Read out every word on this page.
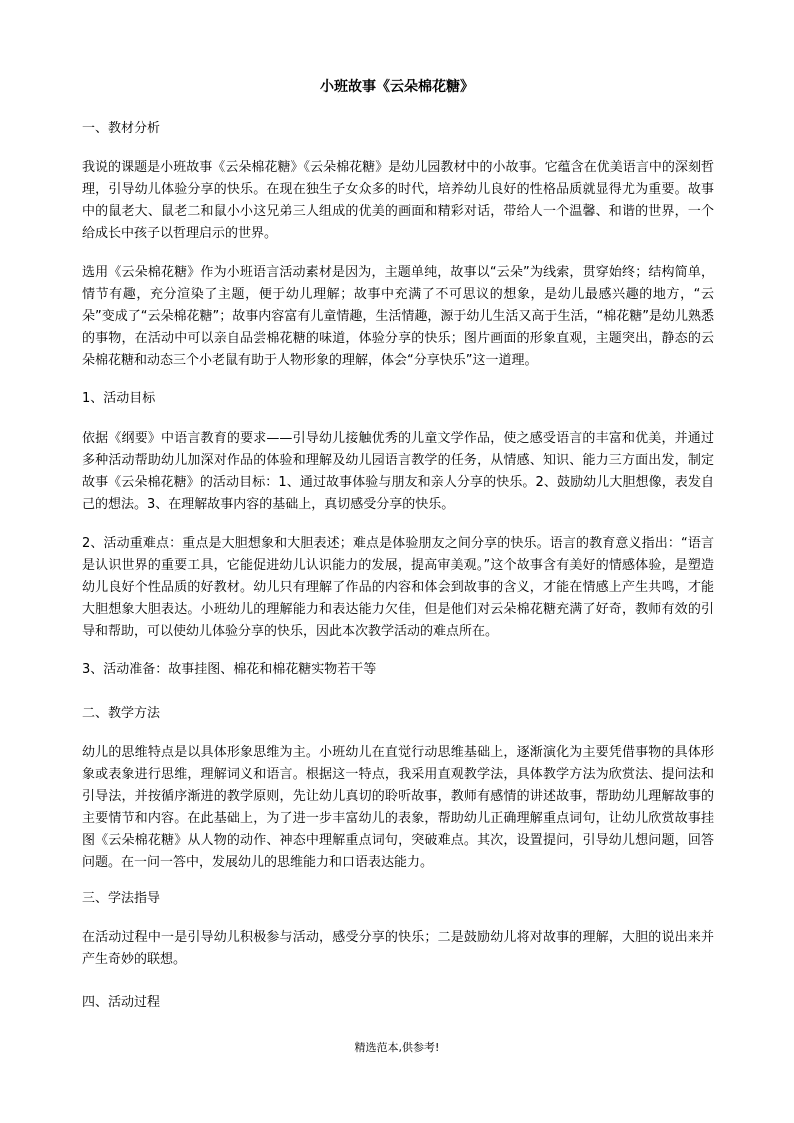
小班故事《云朵棉花糖》
一、教材分析

我说的课题是小班故事《云朵棉花糖》《云朵棉花糖》是幼儿园教材中的小故事。它蕴含在优美语言中的深刻哲理，引导幼儿体验分享的快乐。在现在独生子女众多的时代，培养幼儿良好的性格品质就显得尤为重要。故事中的鼠老大、鼠老二和鼠小小这兄弟三人组成的优美的画面和精彩对话，带给人一个温馨、和谐的世界，一个给成长中孩子以哲理启示的世界。

选用《云朵棉花糖》作为小班语言活动素材是因为，主题单纯，故事以“云朵”为线索，贯穿始终；结构简单，情节有趣，充分渲染了主题，便于幼儿理解；故事中充满了不可思议的想象，是幼儿最感兴趣的地方，“云朵”变成了“云朵棉花糖”；故事内容富有儿童情趣，生活情趣，源于幼儿生活又高于生活，“棉花糖”是幼儿熟悉的事物，在活动中可以亲自品尝棉花糖的味道，体验分享的快乐；图片画面的形象直观，主题突出，静态的云朵棉花糖和动态三个小老鼠有助于人物形象的理解，体会“分享快乐”这一道理。

1、活动目标

依据《纲要》中语言教育的要求——引导幼儿接触优秀的儿童文学作品，使之感受语言的丰富和优美，并通过多种活动帮助幼儿加深对作品的体验和理解及幼儿园语言教学的任务，从情感、知识、能力三方面出发，制定故事《云朵棉花糖》的活动目标：1、通过故事体验与朋友和亲人分享的快乐。2、鼓励幼儿大胆想像，表发自己的想法。3、在理解故事内容的基础上，真切感受分享的快乐。

2、活动重难点：重点是大胆想象和大胆表述；难点是体验朋友之间分享的快乐。语言的教育意义指出：“语言是认识世界的重要工具，它能促进幼儿认识能力的发展，提高审美观。”这个故事含有美好的情感体验，是塑造幼儿良好个性品质的好教材。幼儿只有理解了作品的内容和体会到故事的含义，才能在情感上产生共鸣，才能大胆想象大胆表达。小班幼儿的理解能力和表达能力欠佳，但是他们对云朵棉花糖充满了好奇，教师有效的引导和帮助，可以使幼儿体验分享的快乐，因此本次教学活动的难点所在。

3、活动准备：故事挂图、棉花和棉花糖实物若干等
二、教学方法

幼儿的思维特点是以具体形象思维为主。小班幼儿在直觉行动思维基础上，逐渐演化为主要凭借事物的具体形象或表象进行思维，理解词义和语言。根据这一特点，我采用直观教学法，具体教学方法为欣赏法、提问法和引导法，并按循序渐进的教学原则，先让幼儿真切的聆听故事，教师有感情的讲述故事，帮助幼儿理解故事的主要情节和内容。在此基础上，为了进一步丰富幼儿的表象，帮助幼儿正确理解重点词句，让幼儿欣赏故事挂图《云朵棉花糖》从人物的动作、神态中理解重点词句，突破难点。其次，设置提问，引导幼儿想问题，回答问题。在一问一答中，发展幼儿的思维能力和口语表达能力。

三、学法指导

在活动过程中一是引导幼儿积极参与活动，感受分享的快乐；二是鼓励幼儿将对故事的理解，大胆的说出来并产生奇妙的联想。

四、活动过程
精选范本,供参考!
